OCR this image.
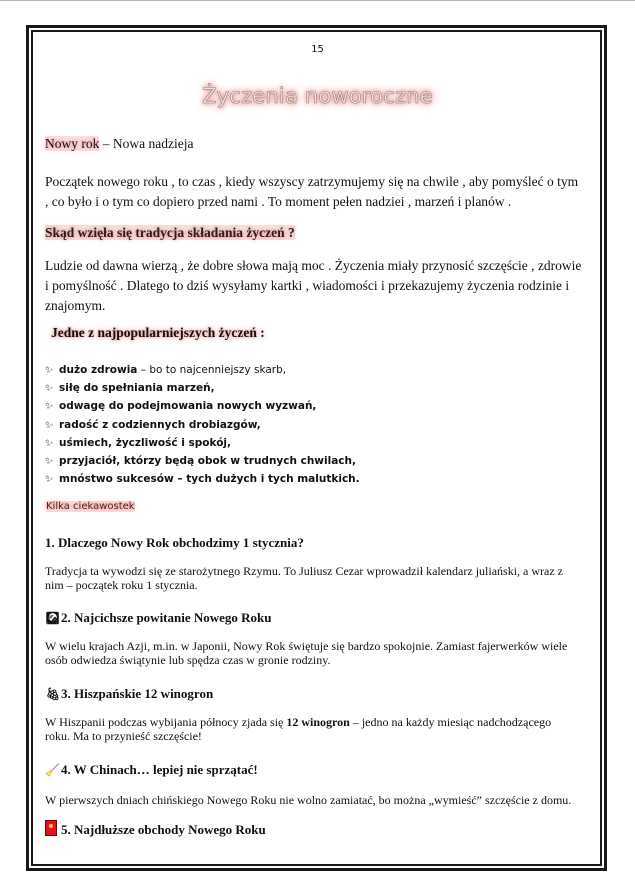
15
Życzenia noworoczne
Nowy rok – Nowa nadzieja

Początek nowego roku , to czas , kiedy wszyscy zatrzymujemy się na chwile , aby pomyśleć o tym , co było i o tym co dopiero przed nami . To moment pełen nadziei , marzeń i planów .

Skąd wzięła się tradycja składania życzeń ?

Ludzie od dawna wierzą , że dobre słowa mają moc . Życzenia miały przynosić szczęście , zdrowie i pomyślność . Dlatego to dziś wysyłamy kartki , wiadomości i przekazujemy życzenia rodzinie i znajomym.

Jedne z najpopularniejszych życzeń :
✨︎ dużo zdrowia – bo to najcenniejszy skarb,
✨︎ siłę do spełniania marzeń,
✨︎ odwagę do podejmowania nowych wyzwań,
✨︎ radość z codziennych drobiazgów,
✨︎ uśmiech, życzliwość i spokój,
✨︎ przyjaciół, którzy będą obok w trudnych chwilach,
✨︎ mnóstwo sukcesów – tych dużych i tych malutkich.
Kilka ciekawostek
1. Dlaczego Nowy Rok obchodzimy 1 stycznia?

Tradycja ta wywodzi się ze starożytnego Rzymu. To Juliusz Cezar wprowadził kalendarz juliański, a wraz z nim – początek roku 1 stycznia.

🎑︎2. Najcichsze powitanie Nowego Roku

W wielu krajach Azji, m.in. w Japonii, Nowy Rok świętuje się bardzo spokojnie. Zamiast fajerwerków wiele osób odwiedza świątynie lub spędza czas w gronie rodziny.

🍇︎3. Hiszpańskie 12 winogron

W Hiszpanii podczas wybijania północy zjada się 12 winogron – jedno na każdy miesiąc nadchodzącego roku. Ma to przynieść szczęście!

🧹4. W Chinach… lepiej nie sprzątać!

W pierwszych dniach chińskiego Nowego Roku nie wolno zamiatać, bo można „wymieść” szczęście z domu.

5. Najdłuższe obchody Nowego Roku
